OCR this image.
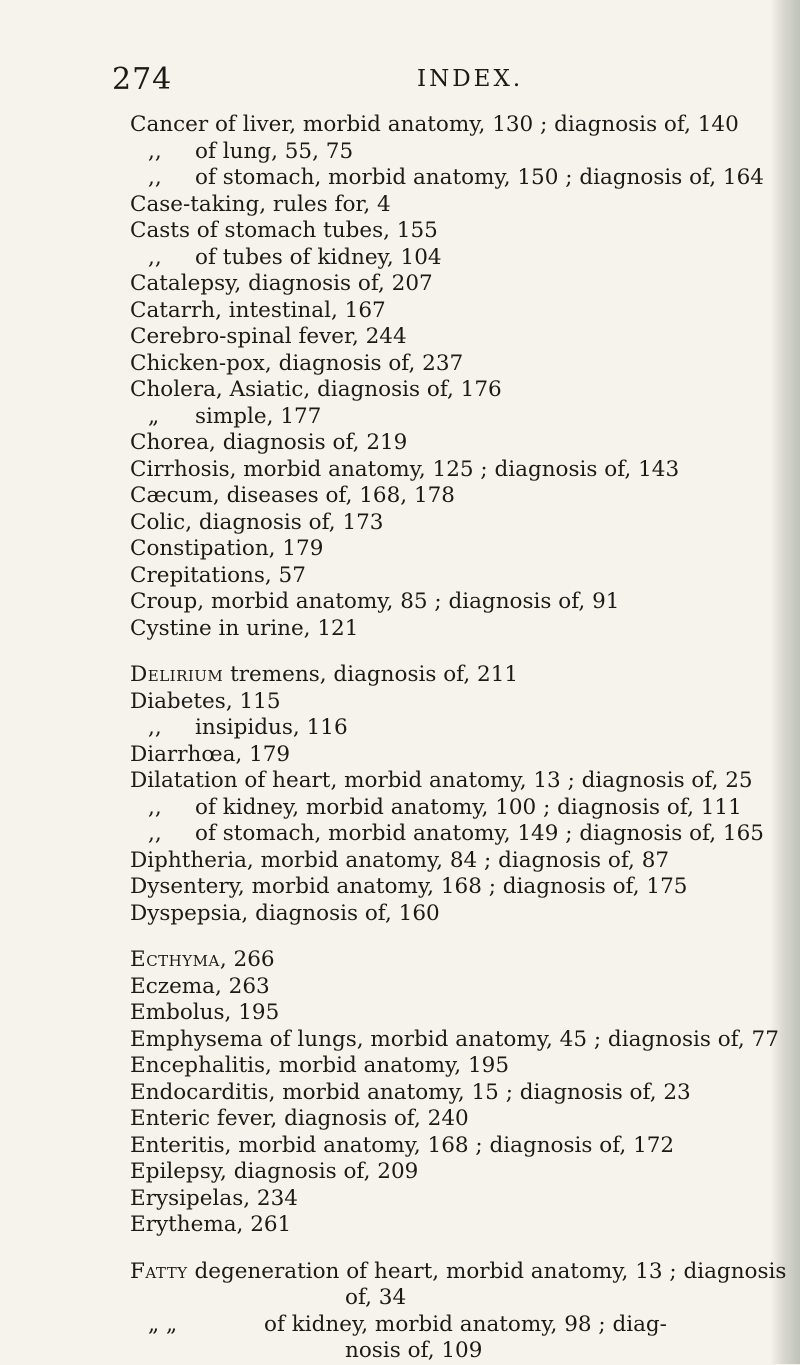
274	INDEX.
Cancer of liver, morbid anatomy, 130 ; diagnosis of, 140
,, of lung, 55, 75
,, of stomach, morbid anatomy, 150 ; diagnosis of, 164
Case-taking, rules for, 4
Casts of stomach tubes, 155
,, of tubes of kidney, 104
Catalepsy, diagnosis of, 207
Catarrh, intestinal, 167
Cerebro-spinal fever, 244
Chicken-pox, diagnosis of, 237
Cholera, Asiatic, diagnosis of, 176
„ simple, 177
Chorea, diagnosis of, 219
Cirrhosis, morbid anatomy, 125 ; diagnosis of, 143
Cæcum, diseases of, 168, 178
Colic, diagnosis of, 173
Constipation, 179
Crepitations, 57
Croup, morbid anatomy, 85 ; diagnosis of, 91
Cystine in urine, 121
Delirium tremens, diagnosis of, 211
Diabetes, 115
,, insipidus, 116
Diarrhœa, 179
Dilatation of heart, morbid anatomy, 13 ; diagnosis of, 25
,, of kidney, morbid anatomy, 100 ; diagnosis of, 111
,, of stomach, morbid anatomy, 149 ; diagnosis of, 165
Diphtheria, morbid anatomy, 84 ; diagnosis of, 87
Dysentery, morbid anatomy, 168 ; diagnosis of, 175
Dyspepsia, diagnosis of, 160
Ecthyma, 266
Eczema, 263
Embolus, 195
Emphysema of lungs, morbid anatomy, 45 ; diagnosis of, 77
Encephalitis, morbid anatomy, 195
Endocarditis, morbid anatomy, 15 ; diagnosis of, 23
Enteric fever, diagnosis of, 240
Enteritis, morbid anatomy, 168 ; diagnosis of, 172
Epilepsy, diagnosis of, 209
Erysipelas, 234
Erythema, 261
Fatty degeneration of heart, morbid anatomy, 13 ; diagnosis
of, 34
„ „	of kidney, morbid anatomy, 98 ; diag-
nosis of, 109
